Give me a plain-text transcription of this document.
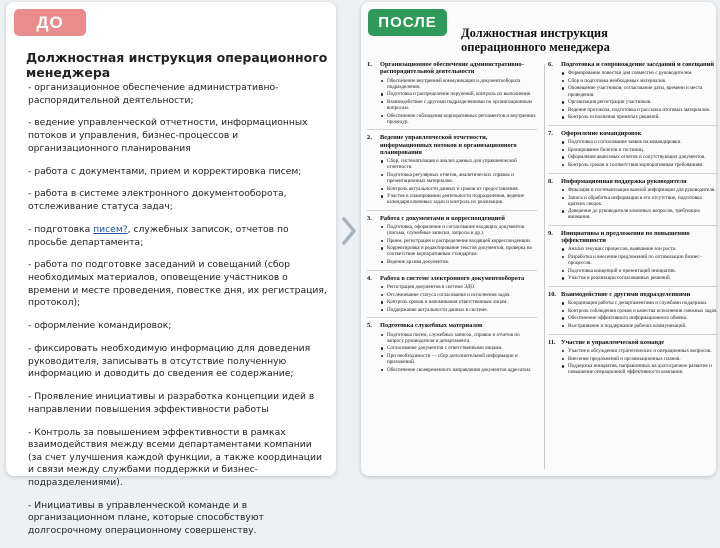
ДО
Должностная инструкция операционного менеджера
- организационное обеспечение административно-распорядительной деятельности;
- ведение управленческой отчетности, информационных потоков и управления, бизнес-процессов и организационного планирования
- работа с документами, прием и корректировка писем;
- работа в системе электронного документооборота, отслеживание статуса задач;
- подготовка писем?, служебных записок, отчетов по просьбе департамента;
- работа по подготовке заседаний и совещаний (сбор необходимых материалов, оповещение участников о времени и месте проведения, повестке дня, их регистрация, протокол);
- оформление командировок;
- фиксировать необходимую информацию для доведения руководителя, записывать в отсутствие полученную информацию и доводить до сведения ее содержание;
- Проявление инициативы и разработка концепции идей в направлении повышения эффективности работы
- Контроль за повышением эффективности в рамках взаимодействия между всеми департаментами компании (за счет улучшения каждой функции, а также координации и связи между службами поддержки и бизнес-подразделениями).
- Инициативы в управленческой команде и в организационном плане, которые способствуют долгосрочному операционному совершенству.
ПОСЛЕ
Должностная инструкция операционного менеджера
1.	Организационное обеспечение административно-распорядительной деятельности
Обеспечение внутренней коммуникации и документооборота подразделения.
Подготовка и распределение поручений, контроль их выполнения.
Взаимодействие с другими подразделениями по организационным вопросам.
Обеспечение соблюдения корпоративных регламентов и внутренних процедур.
2.	Ведение управленческой отчетности, информационных потоков и организационного планирования
Сбор, систематизация и анализ данных для управленческой отчетности.
Подготовка регулярных отчетов, аналитических справок и презентационных материалов.
Контроль актуальности данных и сроков их предоставления.
Участие в планировании деятельности подразделения, ведение календаря ключевых задач и контроль их реализации.
3.	Работа с документами и корреспонденцией
Подготовка, оформление и согласование входящих документов (письма, служебные записки, запросы и др.).
Прием, регистрация и распределение входящей корреспонденции.
Корректировка и редактирование текстов документов, проверка на соответствие корпоративным стандартам.
Ведение архива документов.
4.	Работа в системе электронного документооборота
Регистрация документов в системе ЭДО.
Отслеживание статуса согласования и исполнения задач.
Контроль сроков и напоминания ответственным лицам.
Поддержание актуальности данных в системе.
5.	Подготовка служебных материалов
Подготовка писем, служебных записок, справок и отчетов по запросу руководителя и департамента.
Согласование документов с ответственными лицами.
При необходимости — сбор дополнительной информации и приложений.
Обеспечение своевременного направления документов адресатам.
6.	Подготовка и сопровождение заседаний и совещаний
Формирование повестки дня совместно с руководителем.
Сбор и подготовка необходимых материалов.
Оповещение участников, согласование даты, времени и места проведения.
Организация регистрации участников.
Ведение протокола, подготовка и рассылка итоговых материалов.
Контроль исполнения принятых решений.
7.	Оформление командировок
Подготовка и согласование заявок на командировки.
Бронирование билетов и гостиниц.
Оформление авансовых отчетов и сопутствующих документов.
Контроль сроков и соответствия корпоративным требованиям.
8.	Информационная поддержка руководителя
Фиксация и систематизация важной информации для руководителя.
Запись и обработка информации в его отсутствие, подготовка кратких сводок.
Доведение до руководителя ключевых вопросов, требующих внимания.
9.	Инициативы и предложения по повышению эффективности
Анализ текущих процессов, выявление зон роста.
Разработка и внесение предложений по оптимизации бизнес-процессов.
Подготовка концепций и презентаций инициатив.
Участие в реализации согласованных решений.
10. Взаимодействие с другими подразделениями
Координация работы с департаментами и службами поддержки.
Контроль соблюдения сроков и качества исполнения смежных задач.
Обеспечение эффективного информационного обмена.
Выстраивание и поддержание рабочих коммуникаций.
11. Участие в управленческой команде
Участие в обсуждении стратегических и операционных вопросов.
Внесение предложений и организационных планов.
Поддержка инициатив, направленных на долгосрочное развитие и повышение операционной эффективности компании.
